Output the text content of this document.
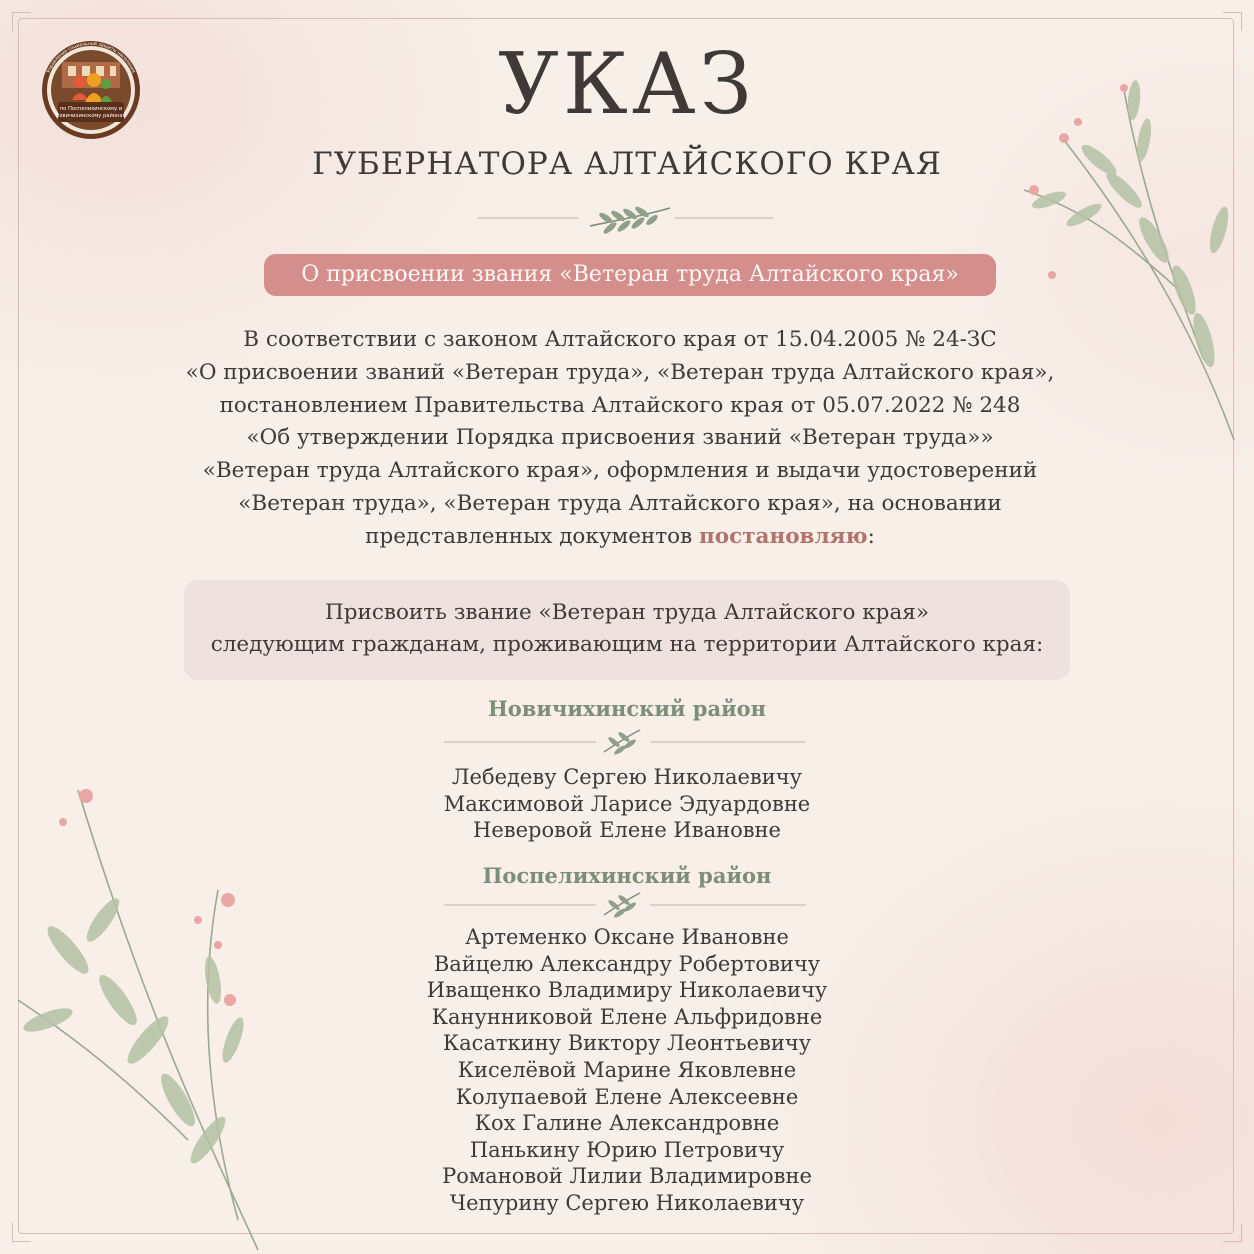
по Поспелихинскому и
Новичихинскому районам
Управление социальной защиты населения	УКАЗ
ГУБЕРНАТОРА АЛТАЙСКОГО КРАЯ
О присвоении звания «Ветеран труда Алтайского края»
В соответствии с законом Алтайского края от 15.04.2005 № 24-ЗС
«О присвоении званий «Ветеран труда», «Ветеран труда Алтайского края»,
постановлением Правительства Алтайского края от 05.07.2022 № 248
«Об утверждении Порядка присвоения званий «Ветеран труда»»
«Ветеран труда Алтайского края», оформления и выдачи удостоверений
«Ветеран труда», «Ветеран труда Алтайского края», на основании
представленных документов постановляю:
Присвоить звание «Ветеран труда Алтайского края»
следующим гражданам, проживающим на территории Алтайского края:
Новичихинский район
Лебедеву Сергею Николаевичу
Максимовой Ларисе Эдуардовне
Неверовой Елене Ивановне
Поспелихинский район
Артеменко Оксане Ивановне
Вайцелю Александру Робертовичу
Иващенко Владимиру Николаевичу
Канунниковой Елене Альфридовне
Касаткину Виктору Леонтьевичу
Киселёвой Марине Яковлевне
Колупаевой Елене Алексеевне
Кох Галине Александровне
Панькину Юрию Петровичу
Романовой Лилии Владимировне
Чепурину Сергею Николаевичу
